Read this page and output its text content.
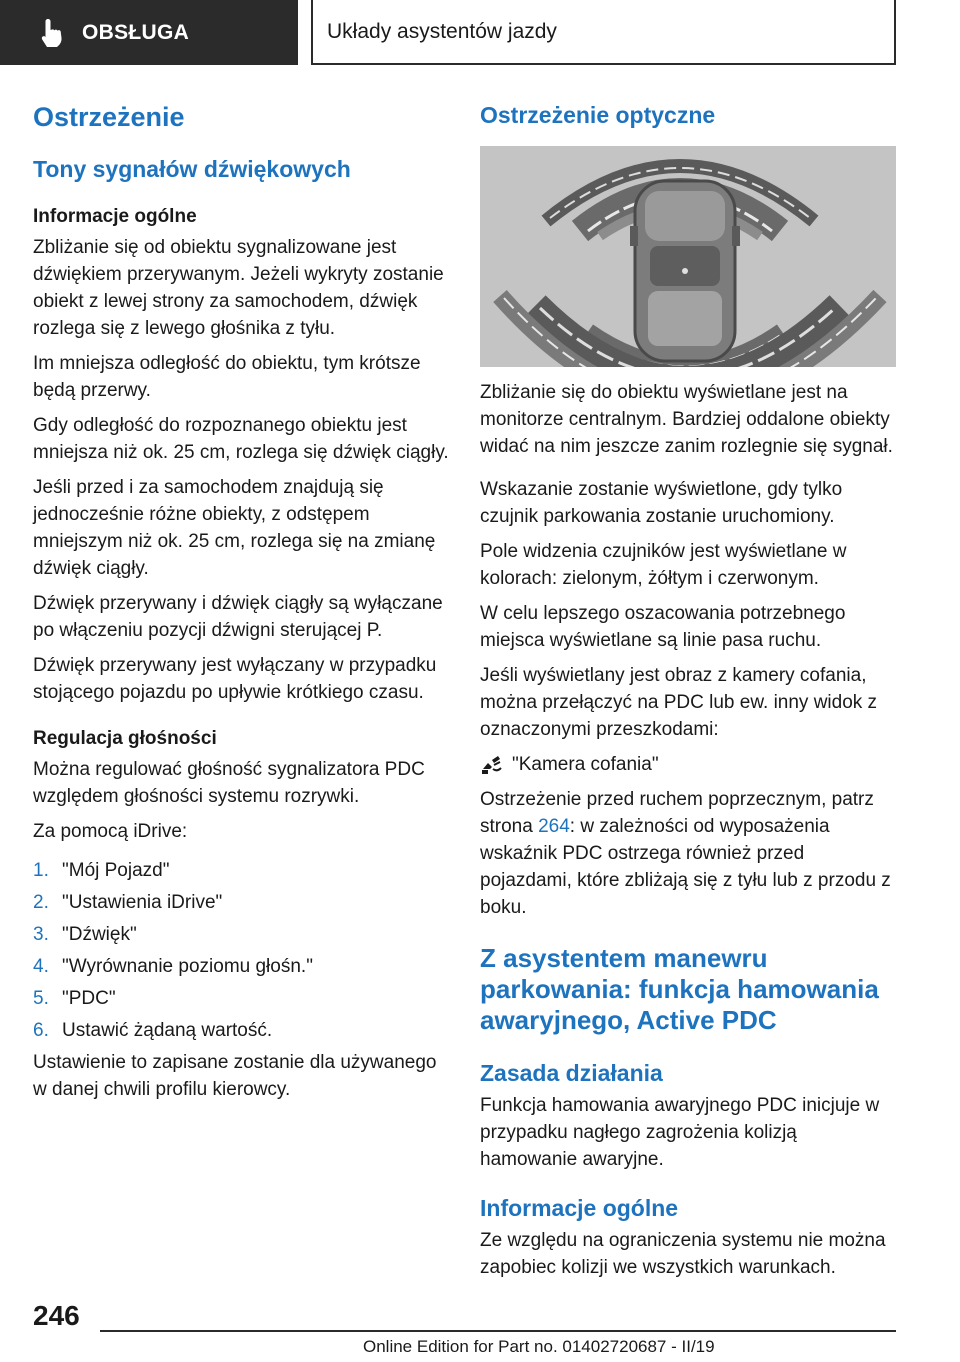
OBSŁUGA	Układy asystentów jazdy
Ostrzeżenie
Tony sygnałów dźwiękowych
Informacje ogólne
Zbliżanie się od obiektu sygnalizowane jest dźwiękiem przerywanym. Jeżeli wykryty zostanie obiekt z lewej strony za samochodem, dźwięk rozlega się z lewego głośnika z tyłu.
Im mniejsza odległość do obiektu, tym krótsze będą przerwy.
Gdy odległość do rozpoznanego obiektu jest mniejsza niż ok. 25 cm, rozlega się dźwięk ciągły.
Jeśli przed i za samochodem znajdują się jednocześnie różne obiekty, z odstępem mniejszym niż ok. 25 cm, rozlega się na zmianę dźwięk ciągły.
Dźwięk przerywany i dźwięk ciągły są wyłączane po włączeniu pozycji dźwigni sterującej P.
Dźwięk przerywany jest wyłączany w przypadku stojącego pojazdu po upływie krótkiego czasu.
Regulacja głośności
Można regulować głośność sygnalizatora PDC względem głośności systemu rozrywki.
Za pomocą iDrive:
1. "Mój Pojazd"
2. "Ustawienia iDrive"
3. "Dźwięk"
4. "Wyrównanie poziomu głośn."
5. "PDC"
6. Ustawić żądaną wartość.
Ustawienie to zapisane zostanie dla używanego w danej chwili profilu kierowcy.
Ostrzeżenie optyczne
Zbliżanie się do obiektu wyświetlane jest na monitorze centralnym. Bardziej oddalone obiekty widać na nim jeszcze zanim rozlegnie się sygnał.
Wskazanie zostanie wyświetlone, gdy tylko czujnik parkowania zostanie uruchomiony.
Pole widzenia czujników jest wyświetlane w kolorach: zielonym, żółtym i czerwonym.
W celu lepszego oszacowania potrzebnego miejsca wyświetlane są linie pasa ruchu.
Jeśli wyświetlany jest obraz z kamery cofania, można przełączyć na PDC lub ew. inny widok z oznaczonymi przeszkodami:
"Kamera cofania"
Ostrzeżenie przed ruchem poprzecznym, patrz strona 264: w zależności od wyposażenia wskaźnik PDC ostrzega również przed pojazdami, które zbliżają się z tyłu lub z przodu z boku.
Z asystentem manewru parkowania: funkcja hamowania awaryjnego, Active PDC
Zasada działania
Funkcja hamowania awaryjnego PDC inicjuje w przypadku nagłego zagrożenia kolizją hamowanie awaryjne.
Informacje ogólne
Ze względu na ograniczenia systemu nie można zapobiec kolizji we wszystkich warunkach.
246
Online Edition for Part no. 01402720687 - II/19
